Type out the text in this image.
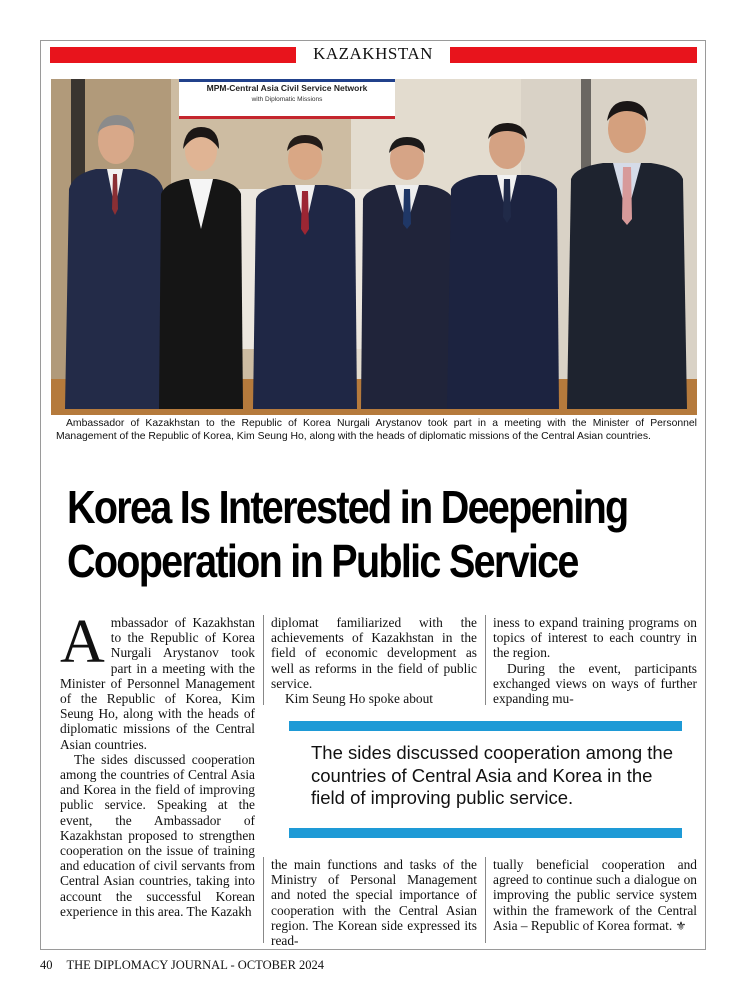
KAZAKHSTAN
MPM-Central Asia Civil Service Network
with Diplomatic Missions
Ambassador of Kazakhstan to the Republic of Korea Nurgali Arystanov took part in a meeting with the Minister of Personnel Management of the Republic of Korea, Kim Seung Ho, along with the heads of diplomatic missions of the Central Asian countries.
Korea Is Interested in Deepening
Cooperation in Public Service

Ambassador of Kazakhstan to the Republic of Korea Nurgali Arystanov took part in a meeting with the Minister of Personnel Management of the Republic of Korea, Kim Seung Ho, along with the heads of diplomatic missions of the Central Asian countries.

The sides discussed cooperation among the countries of Central Asia and Korea in the field of improving public service. Speaking at the event, the Ambassador of Kazakhstan proposed to strengthen cooperation on the issue of training and education of civil servants from Central Asian countries, taking into account the successful Korean experience in this area. The Kazakh

diplomat familiarized with the achievements of Kazakhstan in the field of economic development as well as reforms in the field of public service.

Kim Seung Ho spoke about

iness to expand training programs on topics of interest to each country in the region.

During the event, participants exchanged views on ways of further expanding mu-

The sides discussed cooperation among the countries of Central Asia and Korea in the field of improving public service.

the main functions and tasks of the Ministry of Personal Management and noted the special importance of cooperation with the Central Asian region. The Korean side expressed its read-

tually beneficial cooperation and agreed to continue such a dialogue on improving the public service system within the framework of the Central Asia – Republic of Korea format. ⚜

40 THE DIPLOMACY JOURNAL - OCTOBER 2024
